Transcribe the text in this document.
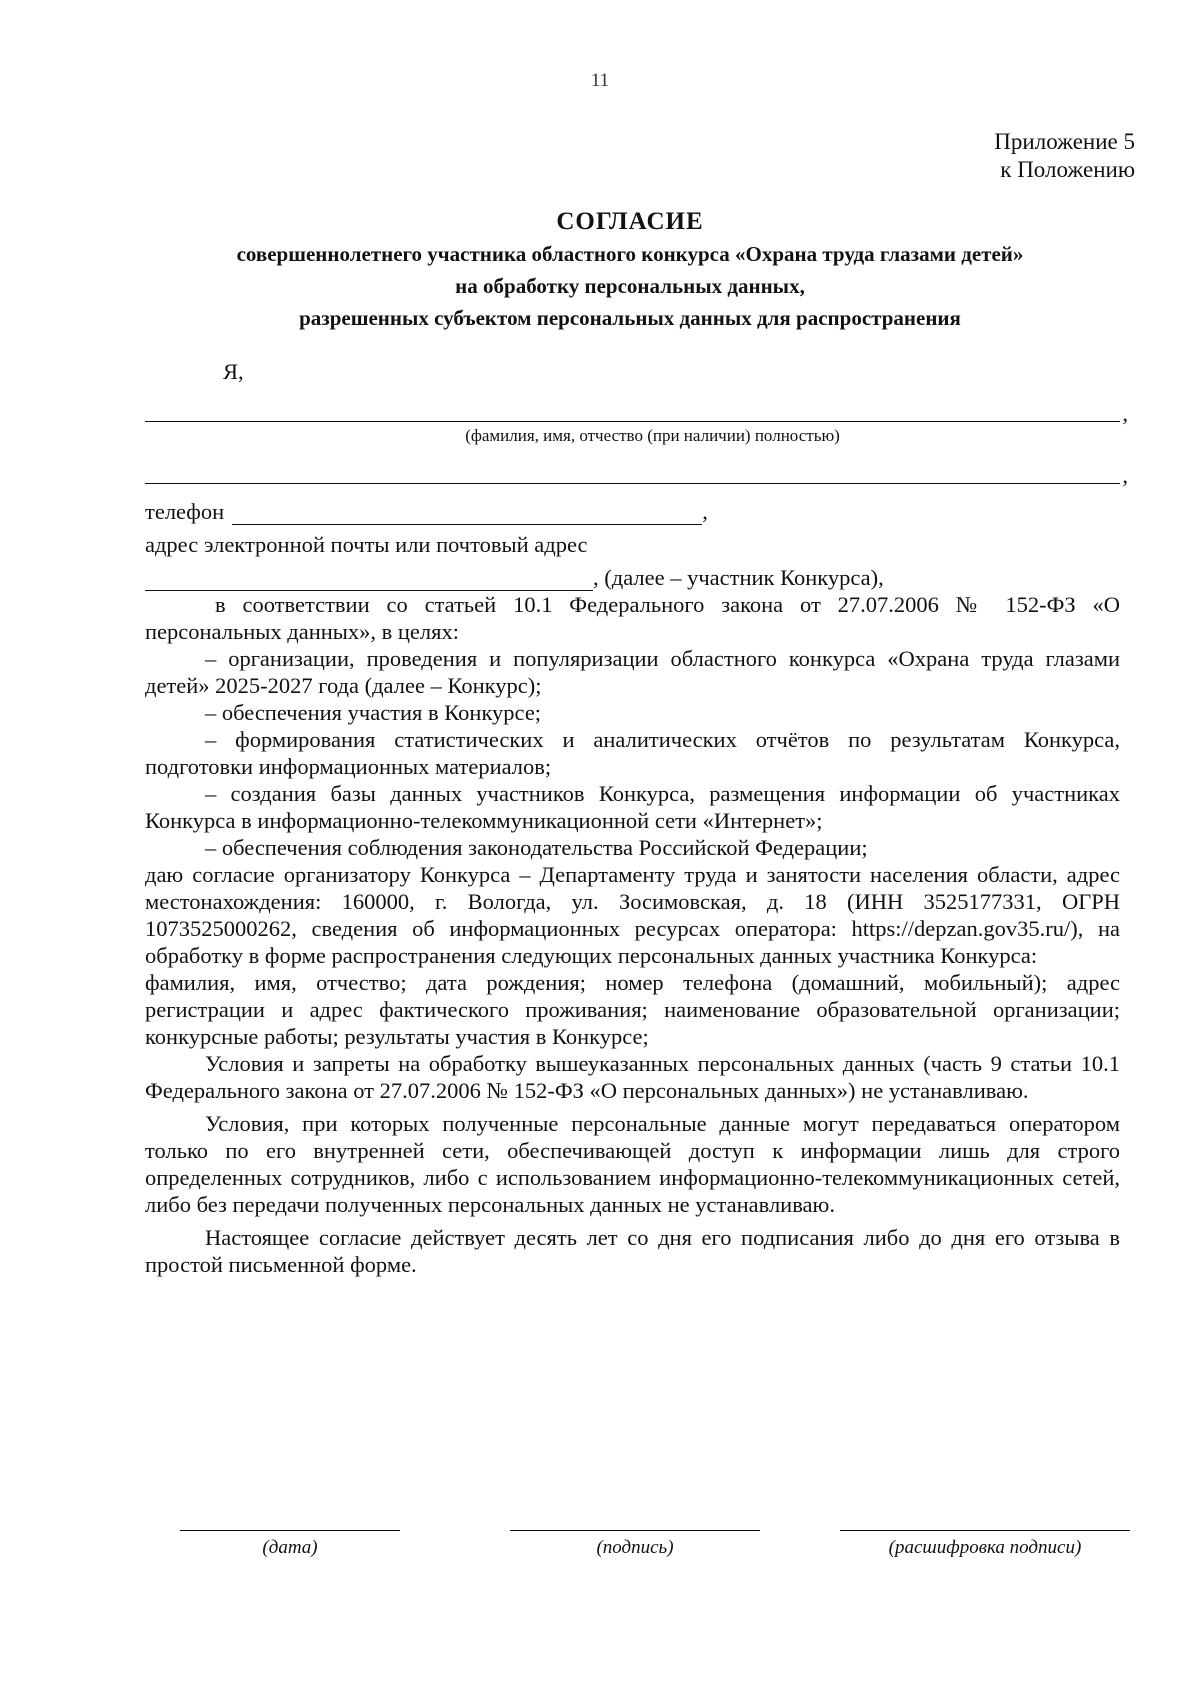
11
Приложение 5
к Положению
СОГЛАСИЕ
совершеннолетнего участника областного конкурса «Охрана труда глазами детей»
на обработку персональных данных,
разрешенных субъектом персональных данных для распространения
Я,
,
(фамилия, имя, отчество (при наличии) полностью)
,
телефон	,
адрес электронной почты или почтовый адрес
, (далее – участник Конкурса),

в соответствии со статьей 10.1 Федерального закона от 27.07.2006 № 152-ФЗ «О персональных данных», в целях:

– организации, проведения и популяризации областного конкурса «Охрана труда глазами детей» 2025-2027 года (далее – Конкурс);

– обеспечения участия в Конкурсе;

– формирования статистических и аналитических отчётов по результатам Конкурса, подготовки информационных материалов;

– создания базы данных участников Конкурса, размещения информации об участниках Конкурса в информационно-телекоммуникационной сети «Интернет»;

– обеспечения соблюдения законодательства Российской Федерации;

даю согласие организатору Конкурса – Департаменту труда и занятости населения области, адрес местонахождения: 160000, г. Вологда, ул. Зосимовская, д. 18 (ИНН 3525177331, ОГРН 1073525000262, сведения об информационных ресурсах оператора: https://depzan.gov35.ru/), на обработку в форме распространения следующих персональных данных участника Конкурса:

фамилия, имя, отчество; дата рождения; номер телефона (домашний, мобильный); адрес регистрации и адрес фактического проживания; наименование образовательной организации; конкурсные работы; результаты участия в Конкурсе;

Условия и запреты на обработку вышеуказанных персональных данных (часть 9 статьи 10.1 Федерального закона от 27.07.2006 № 152-ФЗ «О персональных данных») не устанавливаю.

Условия, при которых полученные персональные данные могут передаваться оператором только по его внутренней сети, обеспечивающей доступ к информации лишь для строго определенных сотрудников, либо с использованием информационно-телекоммуникационных сетей, либо без передачи полученных персональных данных не устанавливаю.

Настоящее согласие действует десять лет со дня его подписания либо до дня его отзыва в простой письменной форме.

(дата)	(подпись)	(расшифровка подписи)
